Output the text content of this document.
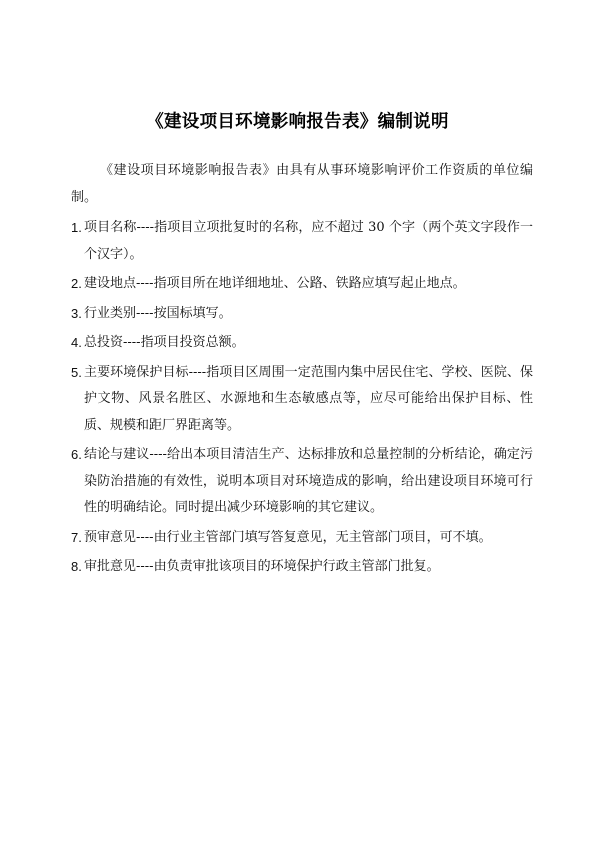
《建设项目环境影响报告表》编制说明
《建设项目环境影响报告表》由具有从事环境影响评价工作资质的单位编制。
1. 项目名称----指项目立项批复时的名称，应不超过 30 个字（两个英文字段作一个汉字）。
2. 建设地点----指项目所在地详细地址、公路、铁路应填写起止地点。
3. 行业类别----按国标填写。
4. 总投资----指项目投资总额。
5. 主要环境保护目标----指项目区周围一定范围内集中居民住宅、学校、医院、保护文物、风景名胜区、水源地和生态敏感点等，应尽可能给出保护目标、性质、规模和距厂界距离等。
6. 结论与建议----给出本项目清洁生产、达标排放和总量控制的分析结论，确定污染防治措施的有效性，说明本项目对环境造成的影响，给出建设项目环境可行性的明确结论。同时提出减少环境影响的其它建议。
7. 预审意见----由行业主管部门填写答复意见，无主管部门项目，可不填。
8. 审批意见----由负责审批该项目的环境保护行政主管部门批复。
